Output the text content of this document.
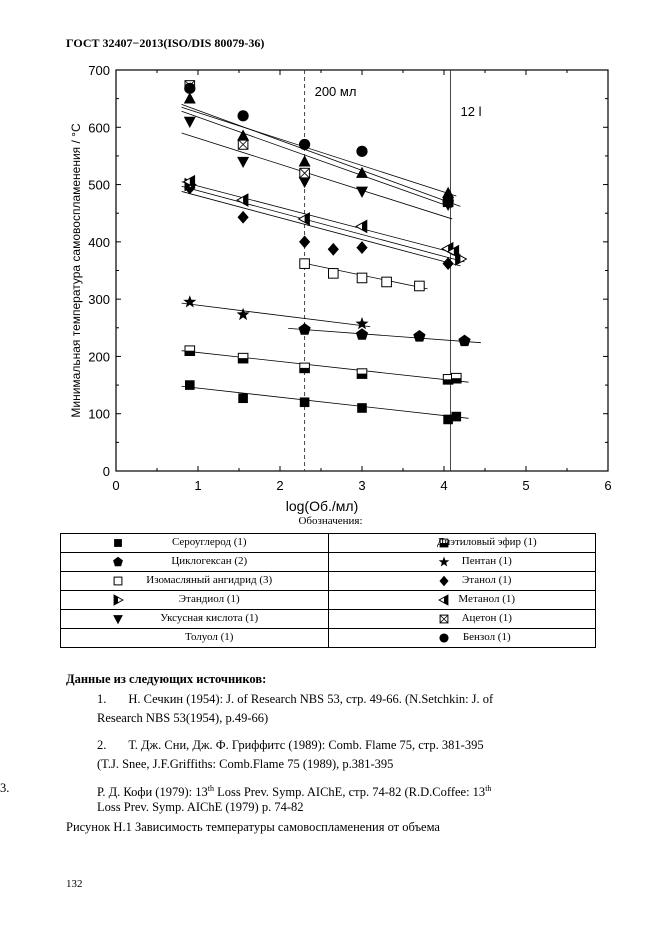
ГОСТ 32407−2013(ISO/DIS 80079-36)
0	1	2	3	4	5	6
0
100
200
300
400
500
600
700
log(Об./мл)
Минимальная температура самовоспламенения / °C
200 мл
12 l
Обозначения:
Сероуглерод (1)	Диэтиловый эфир (1)

Циклогексан (2)	Пентан (1)

Изомасляный ангидрид (3)	Этанол (1)

Этандиол (1)	Метанол (1)

Уксусная кислота (1)	Ацетон (1)

Толуол (1)	Бензол (1)
Данные из следующих источников:
1. Н. Сечкин (1954): J. of Research NBS 53, стр. 49-66. (N.Setchkin: J. of
Research NBS 53(1954), p.49-66)
2. Т. Дж. Сни, Дж. Ф. Гриффитс (1989): Comb. Flame 75, стр. 381-395
(T.J. Snee, J.F.Griffiths: Comb.Flame 75 (1989), p.381-395
3.	Р. Д. Кофи (1979): 13th Loss Prev. Symp. AIChE, стр. 74-82 (R.D.Coffee: 13th
Loss Prev. Symp. AIChE (1979) p. 74-82
Рисунок Н.1 Зависимость температуры самовоспламенения от объема
132
